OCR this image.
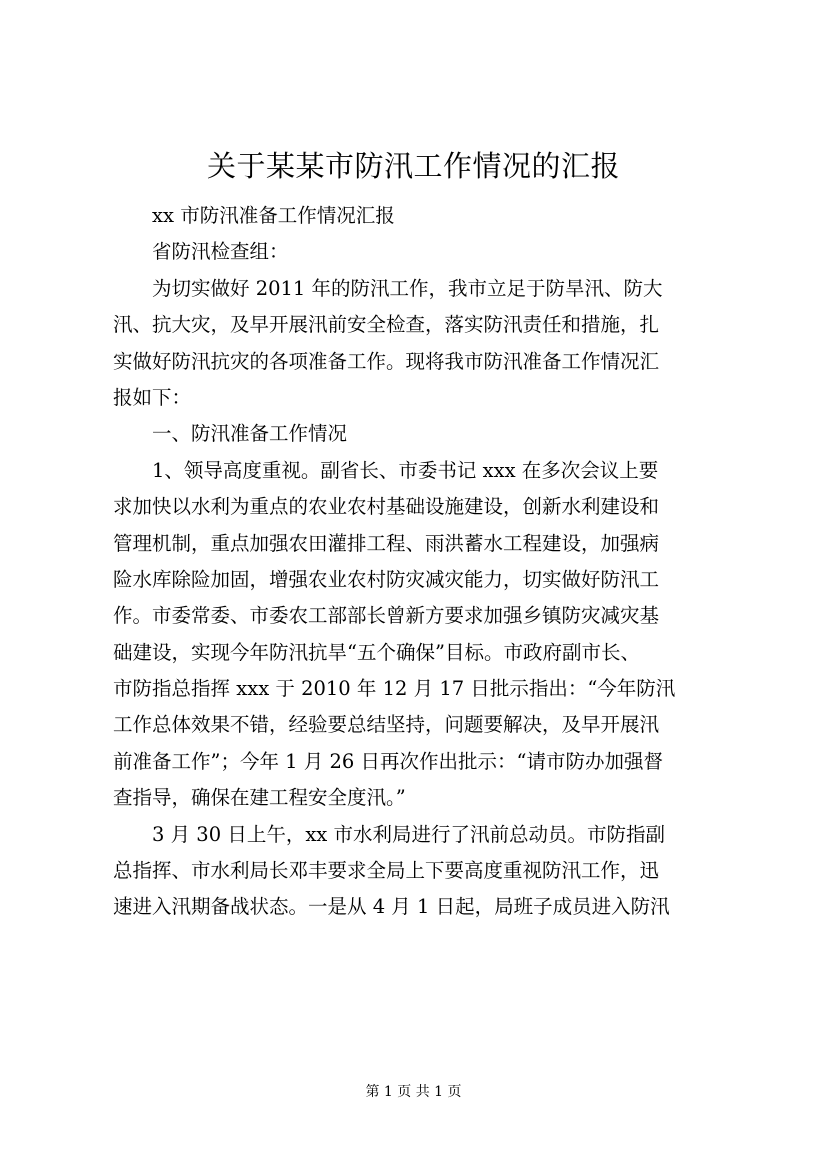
关于某某市防汛工作情况的汇报
xx 市防汛准备工作情况汇报
省防汛检查组：
为切实做好 2011 年的防汛工作，我市立足于防旱汛、防大
汛、抗大灾，及早开展汛前安全检查，落实防汛责任和措施，扎
实做好防汛抗灾的各项准备工作。现将我市防汛准备工作情况汇
报如下：
一、防汛准备工作情况
1、领导高度重视。副省长、市委书记 xxx 在多次会议上要
求加快以水利为重点的农业农村基础设施建设，创新水利建设和
管理机制，重点加强农田灌排工程、雨洪蓄水工程建设，加强病
险水库除险加固，增强农业农村防灾减灾能力，切实做好防汛工
作。市委常委、市委农工部部长曾新方要求加强乡镇防灾减灾基
础建设，实现今年防汛抗旱“五个确保”目标。市政府副市长、
市防指总指挥 xxx 于 2010 年 12 月 17 日批示指出：“今年防汛
工作总体效果不错，经验要总结坚持，问题要解决，及早开展汛
前准备工作”；今年 1 月 26 日再次作出批示：“请市防办加强督
查指导，确保在建工程安全度汛。”
3 月 30 日上午，xx 市水利局进行了汛前总动员。市防指副
总指挥、市水利局长邓丰要求全局上下要高度重视防汛工作，迅
速进入汛期备战状态。一是从 4 月 1 日起，局班子成员进入防汛
第 1 页 共 1 页
